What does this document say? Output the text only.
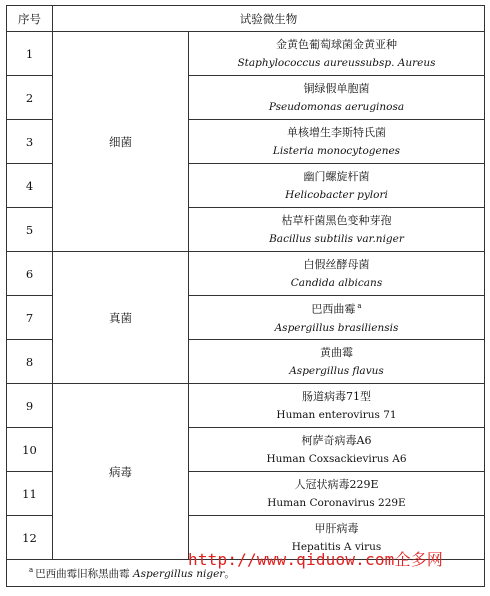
序号	试验微生物	
1	细菌	金黄色葡萄球菌金黄亚种
Staphylococcus aureussubsp. Aureus

2		铜绿假单胞菌
Pseudomonas aeruginosa

3		单核增生李斯特氏菌
Listeria monocytogenes

4		幽门螺旋杆菌
Helicobacter pylori

5		枯草杆菌黑色变种芽孢
Bacillus subtilis var.niger

6	真菌	白假丝酵母菌
Candida albicans

7		巴西曲霉 $^a$
Aspergillus brasiliensis

8		黄曲霉
Aspergillus flavus

9	病毒	肠道病毒71型
Human enterovirus 71

10		柯萨奇病毒A6
Human Coxsackievirus A6

11		人冠状病毒229E
Human Coronavirus 229E

12		甲肝病毒
Hepatitis A virus

$^a$ 巴西曲霉旧称黑曲霉 Aspergillus niger。		
http://www.qiduow.com企多网
